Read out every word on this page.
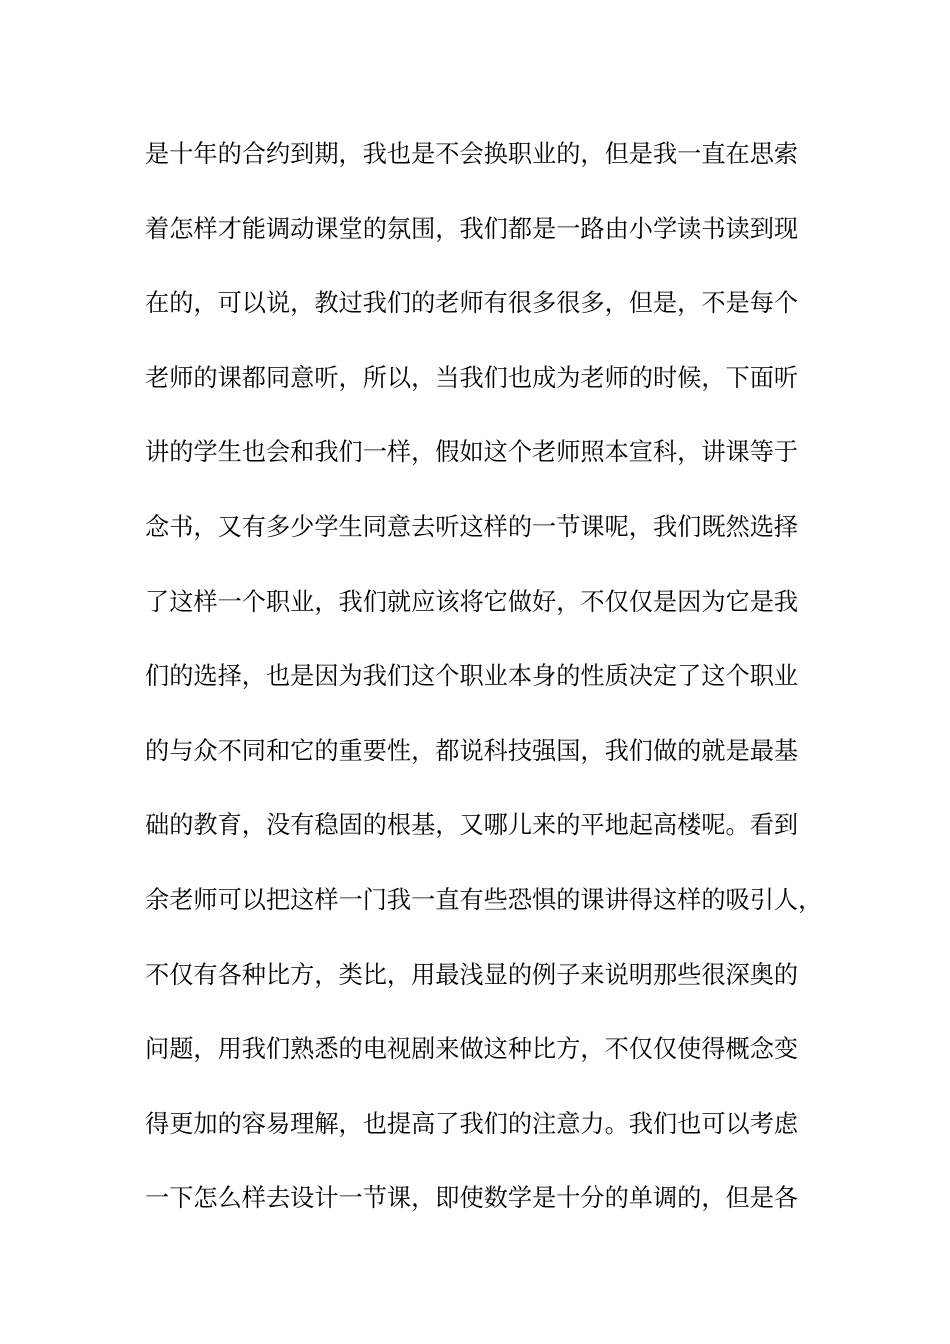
是十年的合约到期，我也是不会换职业的，但是我一直在思索
着怎样才能调动课堂的氛围，我们都是一路由小学读书读到现
在的，可以说，教过我们的老师有很多很多，但是，不是每个
老师的课都同意听，所以，当我们也成为老师的时候，下面听
讲的学生也会和我们一样，假如这个老师照本宣科，讲课等于
念书，又有多少学生同意去听这样的一节课呢，我们既然选择
了这样一个职业，我们就应该将它做好，不仅仅是因为它是我
们的选择，也是因为我们这个职业本身的性质决定了这个职业
的与众不同和它的重要性，都说科技强国，我们做的就是最基
础的教育，没有稳固的根基，又哪儿来的平地起高楼呢。看到
余老师可以把这样一门我一直有些恐惧的课讲得这样的吸引人，
不仅有各种比方，类比，用最浅显的例子来说明那些很深奥的
问题，用我们熟悉的电视剧来做这种比方，不仅仅使得概念变
得更加的容易理解，也提高了我们的注意力。我们也可以考虑
一下怎么样去设计一节课，即使数学是十分的单调的，但是各
